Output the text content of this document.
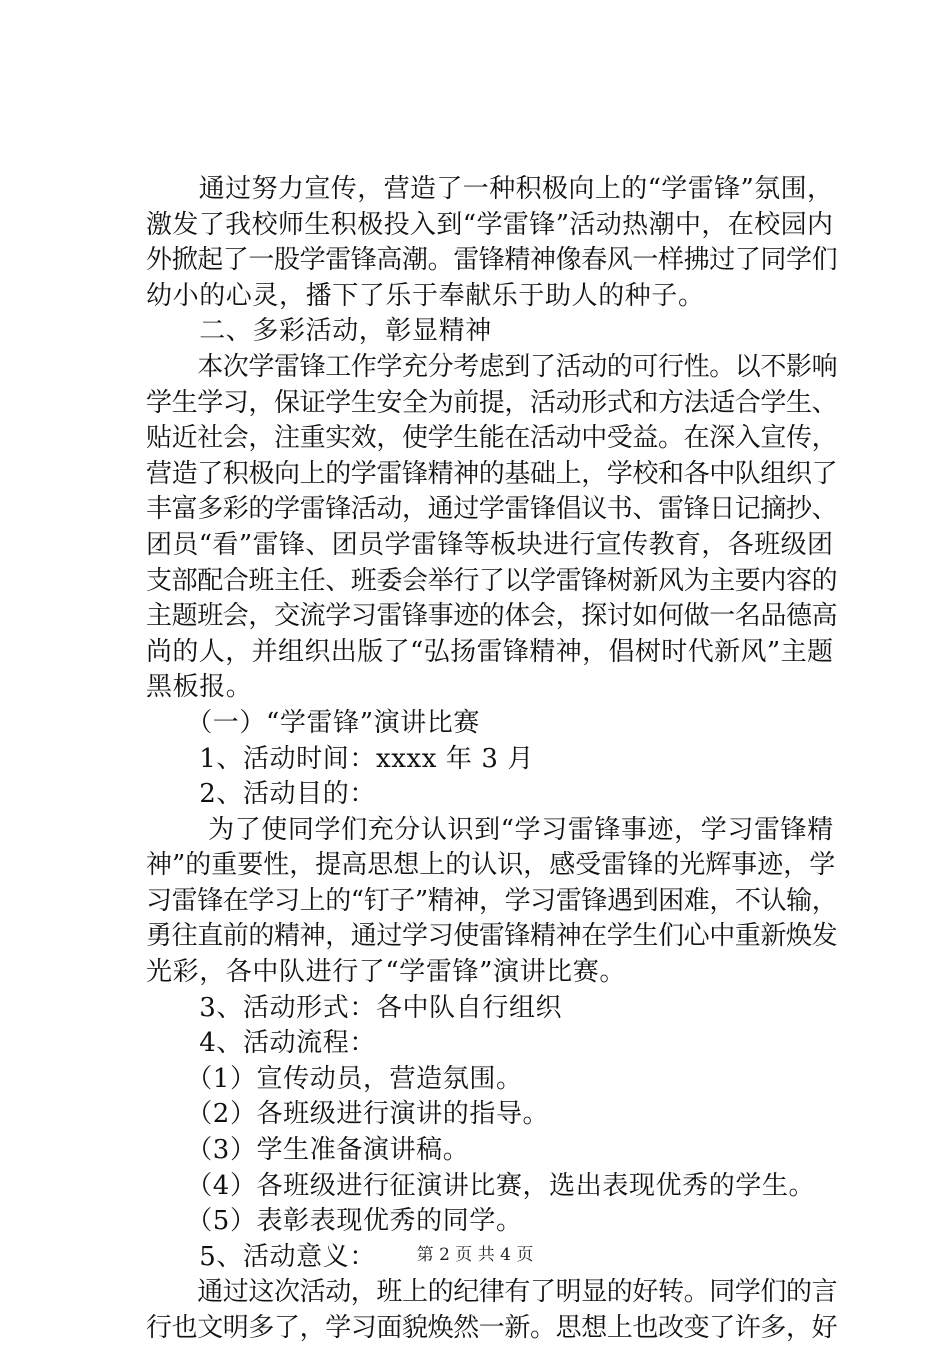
　　通过努力宣传，营造了一种积极向上的“学雷锋”氛围，
激发了我校师生积极投入到“学雷锋”活动热潮中，在校园内
外掀起了一股学雷锋高潮。雷锋精神像春风一样拂过了同学们
幼小的心灵，播下了乐于奉献乐于助人的种子。
　　二、多彩活动，彰显精神
　　本次学雷锋工作学充分考虑到了活动的可行性。以不影响
学生学习，保证学生安全为前提，活动形式和方法适合学生、
贴近社会，注重实效，使学生能在活动中受益。在深入宣传，
营造了积极向上的学雷锋精神的基础上，学校和各中队组织了
丰富多彩的学雷锋活动，通过学雷锋倡议书、雷锋日记摘抄、
团员“看”雷锋、团员学雷锋等板块进行宣传教育，各班级团
支部配合班主任、班委会举行了以学雷锋树新风为主要内容的
主题班会，交流学习雷锋事迹的体会，探讨如何做一名品德高
尚的人，并组织出版了“弘扬雷锋精神，倡树时代新风”主题
黑板报。
　　（一）“学雷锋”演讲比赛
　　1、活动时间：xxxx 年 3 月
　　2、活动目的：
　　 为了使同学们充分认识到“学习雷锋事迹，学习雷锋精
神”的重要性，提高思想上的认识，感受雷锋的光辉事迹，学
习雷锋在学习上的“钉子”精神，学习雷锋遇到困难，不认输，
勇往直前的精神，通过学习使雷锋精神在学生们心中重新焕发
光彩，各中队进行了“学雷锋”演讲比赛。
　　3、活动形式：各中队自行组织
　　4、活动流程：
　　（1）宣传动员，营造氛围。
　　（2）各班级进行演讲的指导。
　　（3）学生准备演讲稿。
　　（4）各班级进行征演讲比赛，选出表现优秀的学生。
　　（5）表彰表现优秀的同学。
　　5、活动意义：
　　通过这次活动，班上的纪律有了明显的好转。同学们的言
行也文明多了，学习面貌焕然一新。思想上也改变了许多，好
第 2 页 共 4 页
